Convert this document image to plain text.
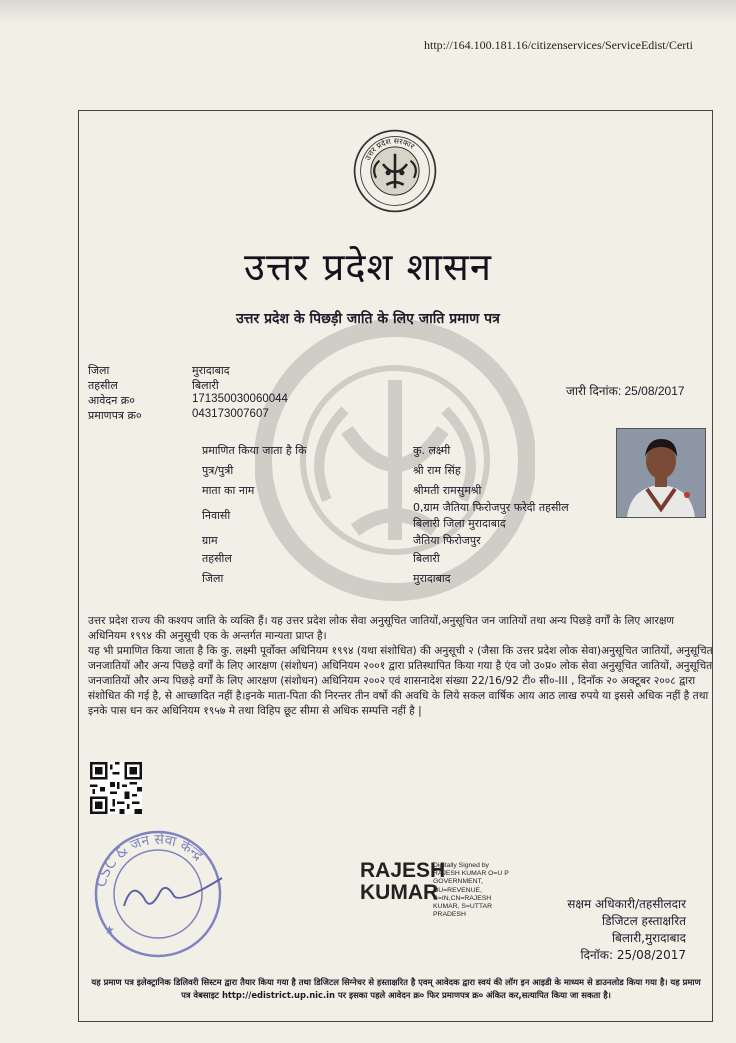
http://164.100.181.16/citizenservices/ServiceEdist/Certi
उत्तर प्रदेश सरकार
उत्तर प्रदेश शासन
उत्तर प्रदेश के पिछड़ी जाति के लिए जाति प्रमाण पत्र
जिला	मुरादाबाद
तहसील	बिलारी
आवेदन क्र०	171350030060044
प्रमाणपत्र क्र०	043173007607
जारी दिनांक: 25/08/2017
प्रमाणित किया जाता है कि	कु. लक्ष्मी
पुत्र/पुत्री	श्री राम सिंह
माता का नाम	श्रीमती रामसुमश्री
निवासी
0,ग्राम जैतिया फिरोजपुर फरेदी तहसील
बिलारी जिला मुरादाबाद
ग्राम	जैतिया फिरोजपुर
तहसील	बिलारी
जिला	मुरादाबाद

उत्तर प्रदेश राज्य की कश्यप जाति के व्यक्ति हैं। यह उत्तर प्रदेश लोक सेवा अनुसूचित जातियों,अनुसूचित जन जातियों तथा अन्य पिछड़े वर्गों के लिए आरक्षण अधिनियम १९९४ की अनुसूची एक के अन्तर्गत मान्यता प्राप्त है।

यह भी प्रमाणित किया जाता है कि कु. लक्ष्मी पूर्वोक्त अधिनियम १९९४ (यथा संशोधित) की अनुसूची २ (जैसा कि उत्तर प्रदेश लोक सेवा)अनुसूचित जातियों, अनुसूचित जनजातियों और अन्य पिछड़े वर्गों के लिए आरक्षण (संशोधन) अधिनियम २००१ द्वारा प्रतिस्थापित किया गया है एंव जो उ०प्र० लोक सेवा अनुसूचित जातियों, अनुसूचित जनजातियों और अन्य पिछड़े वर्गों के लिए आरक्षण (संशोधन) अधिनियम २००२ एवं शासनादेश संख्या 22/16/92 टी० सी०-III , दिनाँक २० अक्टूबर २००८ द्वारा संशोधित की गई है, से आच्छादित नहीं है।इनके माता-पिता की निरन्तर तीन वर्षो की अवधि के लिये सकल वार्षिक आय आठ लाख रुपये या इससे अधिक नहीं है तथा इनके पास धन कर अधिनियम १९५७ मे तथा विहिप छूट सीमा से अधिक सम्पत्ति नहीं है |

CSC & जन सेवा केन्द्र
★
RAJESH
KUMAR
Digitally Signed by
RAJESH KUMAR O=U P
GOVERNMENT,
OU=REVENUE,
C=IN,CN=RAJESH
KUMAR, S=UTTAR
PRADESH
सक्षम अधिकारी/तहसीलदार
डिजिटल हस्ताक्षरित
बिलारी,मुरादाबाद
दिनॉक: 25/08/2017
यह प्रमाण पत्र इलेक्ट्रानिक डिलिवरी सिस्टम द्वारा तैयार किया गया है तथा डिजिटल सिग्नेचर से हस्ताक्षरित है एवम् आवेदक द्वारा स्वयं की लॉग इन आइडी के माध्यम से डाउनलोड किया गया है। यह प्रमाण पत्र वेबसाइट http://edistrict.up.nic.in पर इसका पहले आवेदन क्र० फिर प्रमाणपत्र क्र० अंकित कर,सत्यापित किया जा सकता है।
